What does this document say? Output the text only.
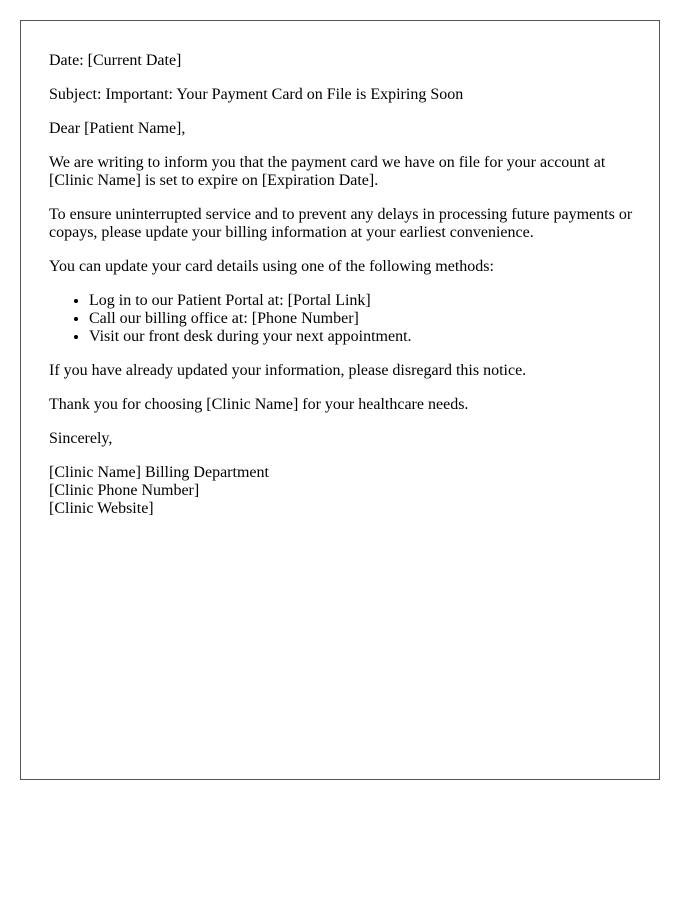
Date: [Current Date]

Subject: Important: Your Payment Card on File is Expiring Soon

Dear [Patient Name],

We are writing to inform you that the payment card we have on file for your account at [Clinic Name] is set to expire on [Expiration Date].

To ensure uninterrupted service and to prevent any delays in processing future payments or copays, please update your billing information at your earliest convenience.

You can update your card details using one of the following methods:

• Log in to our Patient Portal at: [Portal Link]
• Call our billing office at: [Phone Number]
• Visit our front desk during your next appointment.

If you have already updated your information, please disregard this notice.

Thank you for choosing [Clinic Name] for your healthcare needs.

Sincerely,

[Clinic Name] Billing Department
[Clinic Phone Number]
[Clinic Website]
